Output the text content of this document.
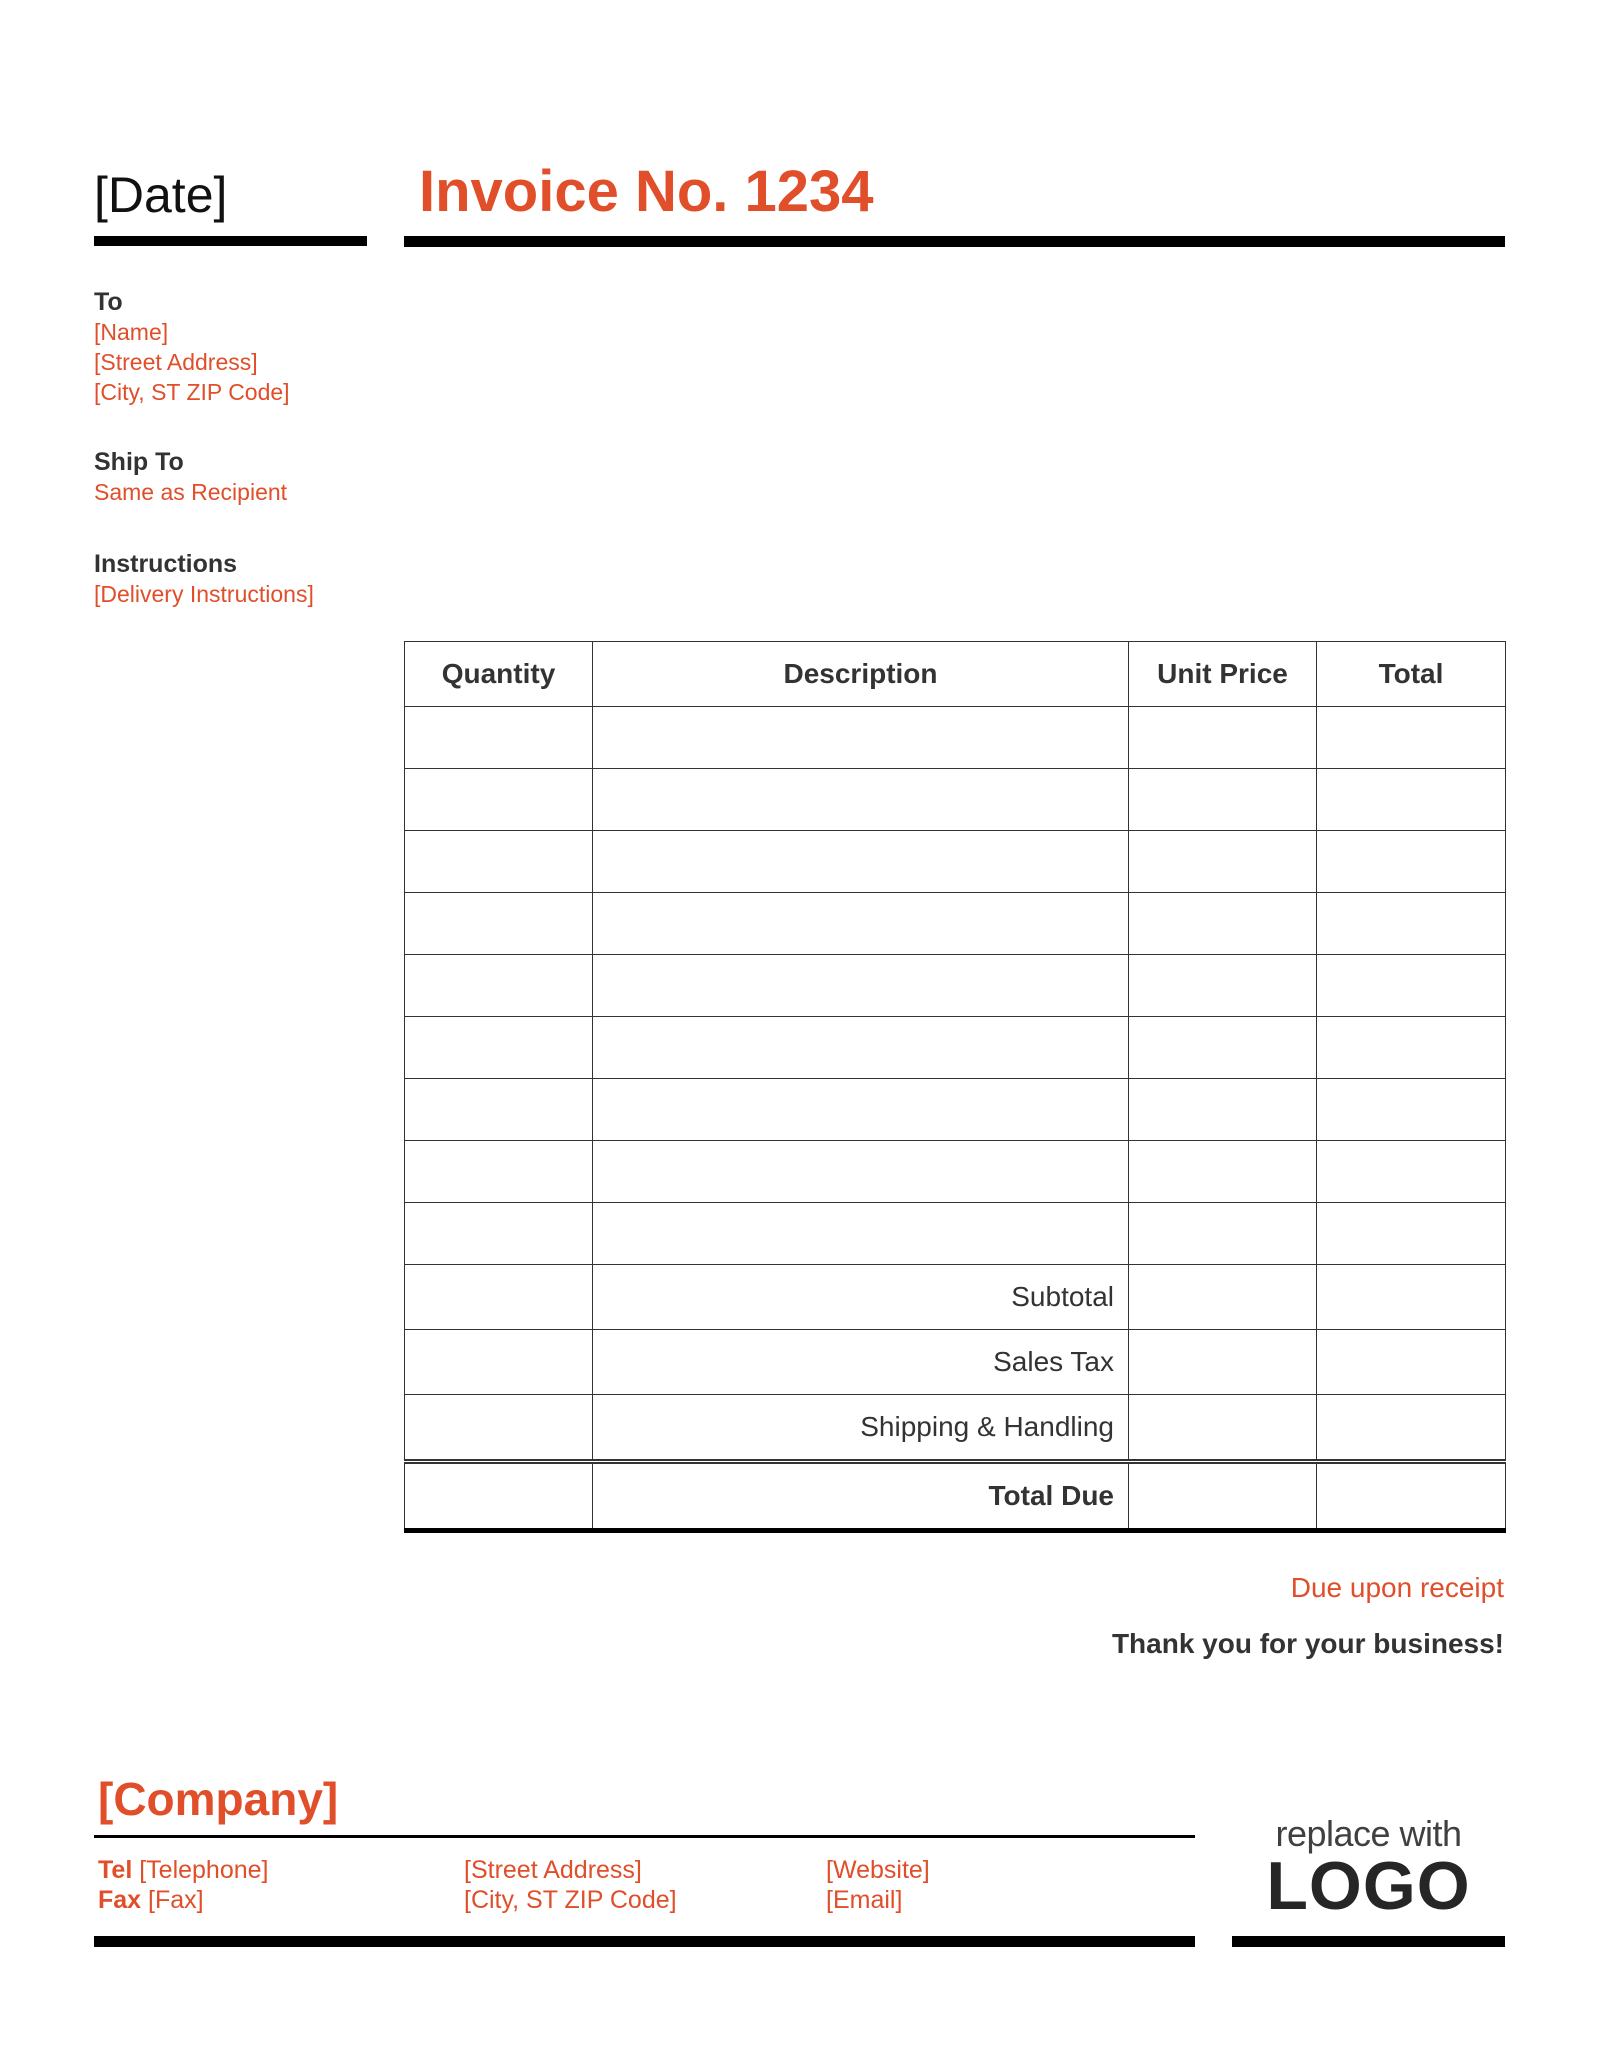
[Date]	Invoice No. 1234
To
[Name]
[Street Address]
[City, ST ZIP Code]
Ship To
Same as Recipient
Instructions
[Delivery Instructions]
Quantity	Description	Unit Price	Total

	Subtotal		
	Sales Tax		
	Shipping & Handling		
	Total Due		
Due upon receipt
Thank you for your business!
[Company]
Tel [Telephone]
Fax [Fax]
[Street Address]
[City, ST ZIP Code]
[Website]
[Email]
replace with
LOGO
